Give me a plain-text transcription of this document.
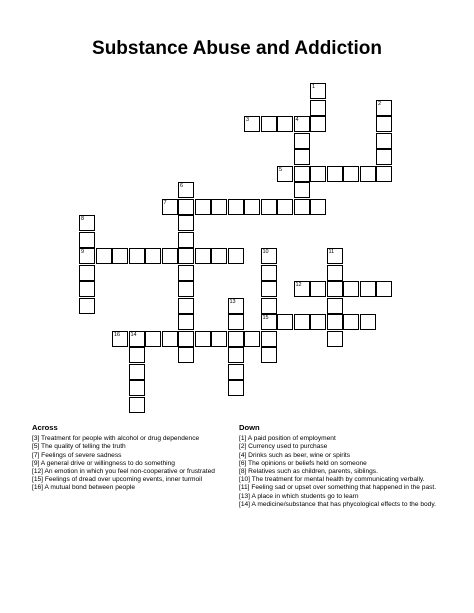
Substance Abuse and Addiction
1
2
4
6
8
9	10
15
11
13
14
3
5
7
12
16
Across
[3] Treatment for people with alcohol or drug dependence
[5] The quality of telling the truth
[7] Feelings of severe sadness
[9] A general drive or willingness to do something
[12] An emotion in which you feel non-cooperative or frustrated
[15] Feelings of dread over upcoming events, inner turmoil
[16] A mutual bond between people
Down
[1] A paid position of employment
[2] Currency used to purchase
[4] Drinks such as beer, wine or spirits
[6] The opinions or beliefs held on someone
[8] Relatives such as children, parents, siblings.
[10] The treatment for mental health by communicating verbally.
[11] Feeling sad or upset over something that happened in the past.
[13] A place in which students go to learn
[14] A medicine/substance that has phycological effects to the body.
